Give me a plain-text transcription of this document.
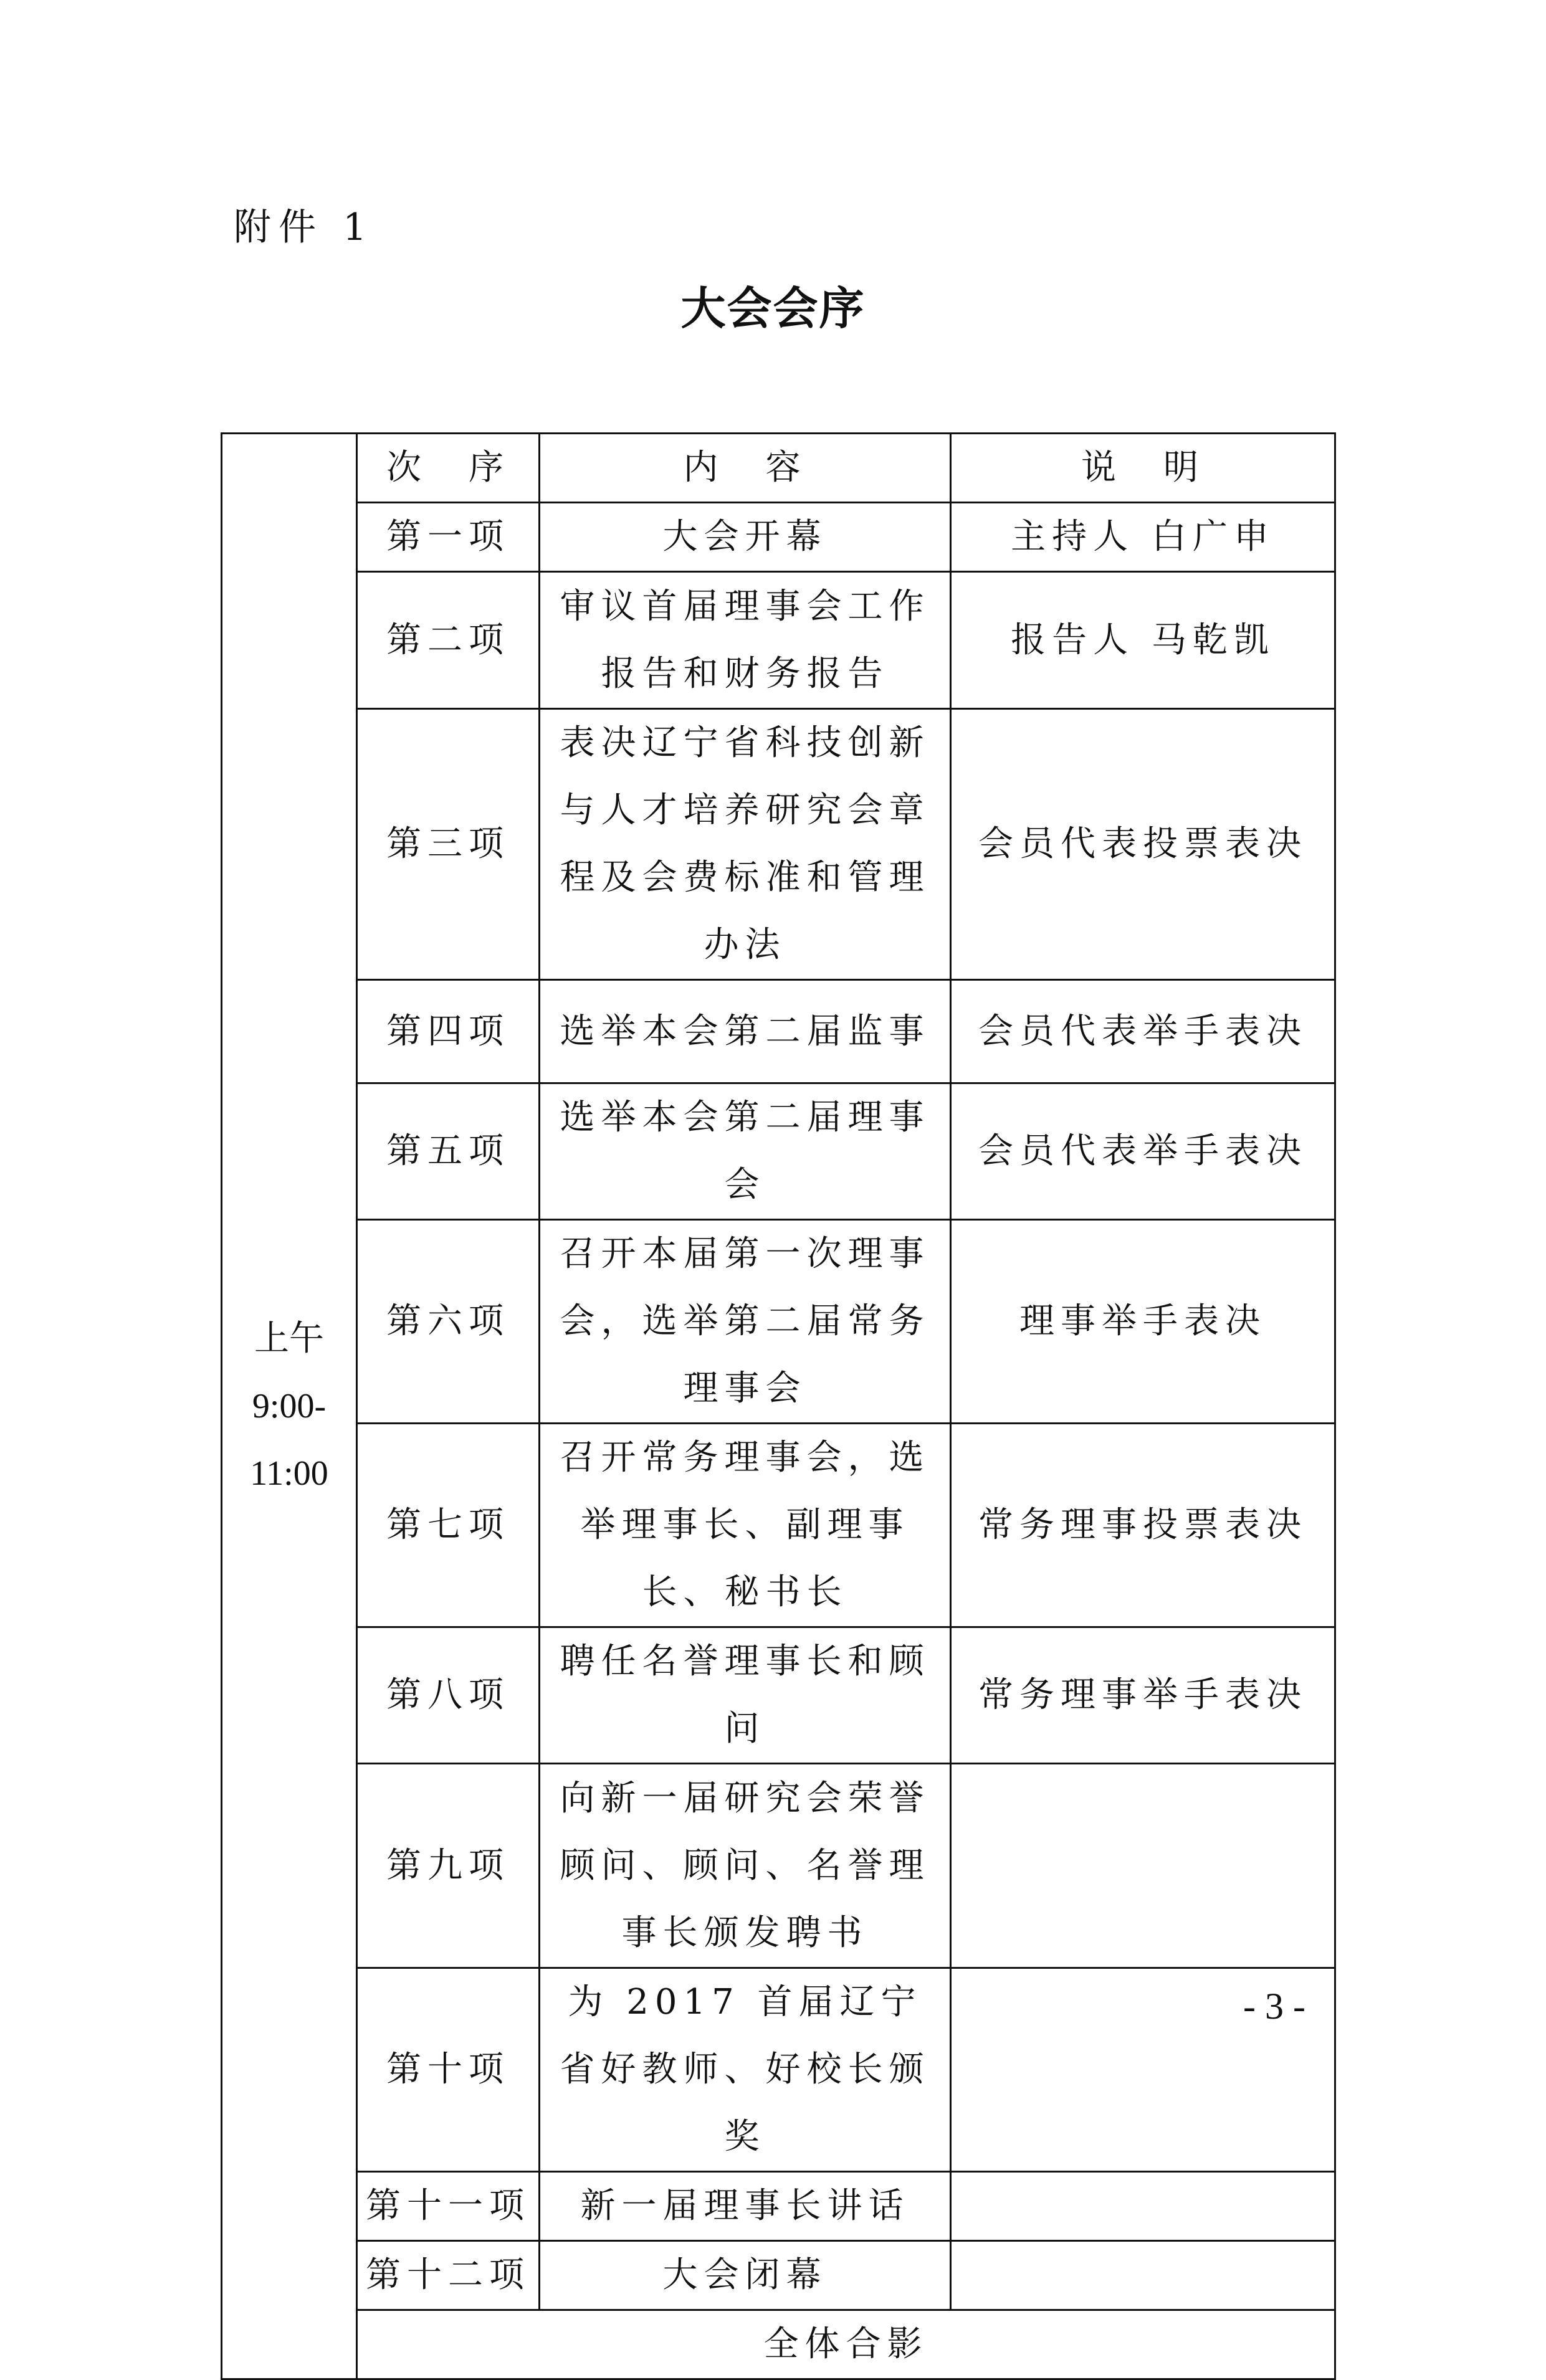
附件 1
大会会序
上午 9:00- 11:00	次　序	内　容	说　明
	第一项	大会开幕	主持人 白广申
	第二项	审议首届理事会工作报告和财务报告	报告人 马乾凯
	第三项	表决辽宁省科技创新与人才培养研究会章程及会费标准和管理办法	会员代表投票表决
	第四项	选举本会第二届监事	会员代表举手表决
	第五项	选举本会第二届理事会	会员代表举手表决
	第六项	召开本届第一次理事会，选举第二届常务理事会	理事举手表决
	第七项	召开常务理事会，选举理事长、副理事长、秘书长	常务理事投票表决
	第八项	聘任名誉理事长和顾问	常务理事举手表决
	第九项	向新一届研究会荣誉顾问、顾问、名誉理事长颁发聘书	
	第十项	为 2017 首届辽宁省好教师、好校长颁奖	
	第十一项	新一届理事长讲话	
	第十二项	大会闭幕	
	全体合影		
- 3 -
